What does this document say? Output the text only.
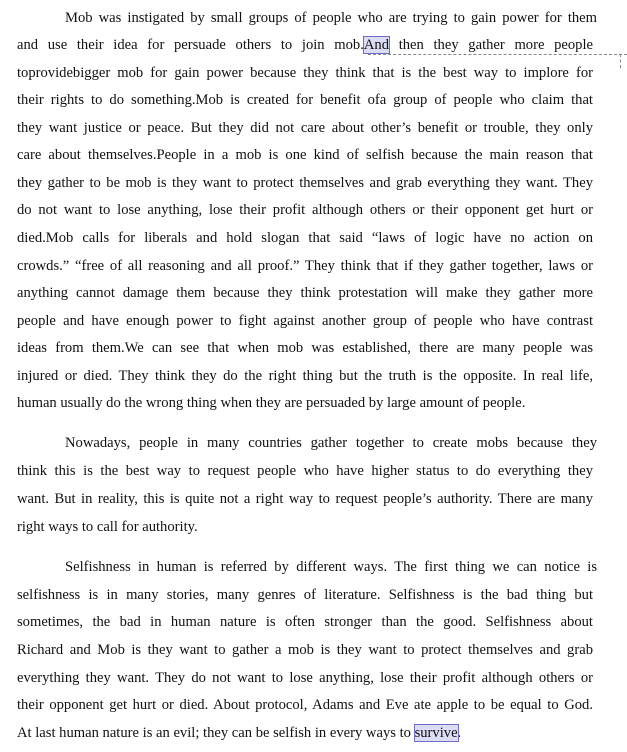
Mob was instigated by small groups of people who are trying to gain power for them
and use their idea for persuade others to join mob.And then they gather more people
toprovidebigger mob for gain power because they think that is the best way to implore for
their rights to do something.Mob is created for benefit ofa group of people who claim that
they want justice or peace. But they did not care about other’s benefit or trouble, they only
care about themselves.People in a mob is one kind of selfish because the main reason that
they gather to be mob is they want to protect themselves and grab everything they want. They
do not want to lose anything, lose their profit although others or their opponent get hurt or
died.Mob calls for liberals and hold slogan that said “laws of logic have no action on
crowds.” “free of all reasoning and all proof.” They think that if they gather together, laws or
anything cannot damage them because they think protestation will make they gather more
people and have enough power to fight against another group of people who have contrast
ideas from them.We can see that when mob was established, there are many people was
injured or died. They think they do the right thing but the truth is the opposite. In real life,
human usually do the wrong thing when they are persuaded by large amount of people.
Nowadays, people in many countries gather together to create mobs because they
think this is the best way to request people who have higher status to do everything they
want. But in reality, this is quite not a right way to request people’s authority. There are many
right ways to call for authority.
Selfishness in human is referred by different ways. The first thing we can notice is
selfishness is in many stories, many genres of literature. Selfishness is the bad thing but
sometimes, the bad in human nature is often stronger than the good. Selfishness about
Richard and Mob is they want to gather a mob is they want to protect themselves and grab
everything they want. They do not want to lose anything, lose their profit although others or
their opponent get hurt or died. About protocol, Adams and Eve ate apple to be equal to God.
At last human nature is an evil; they can be selfish in every ways to survive.
